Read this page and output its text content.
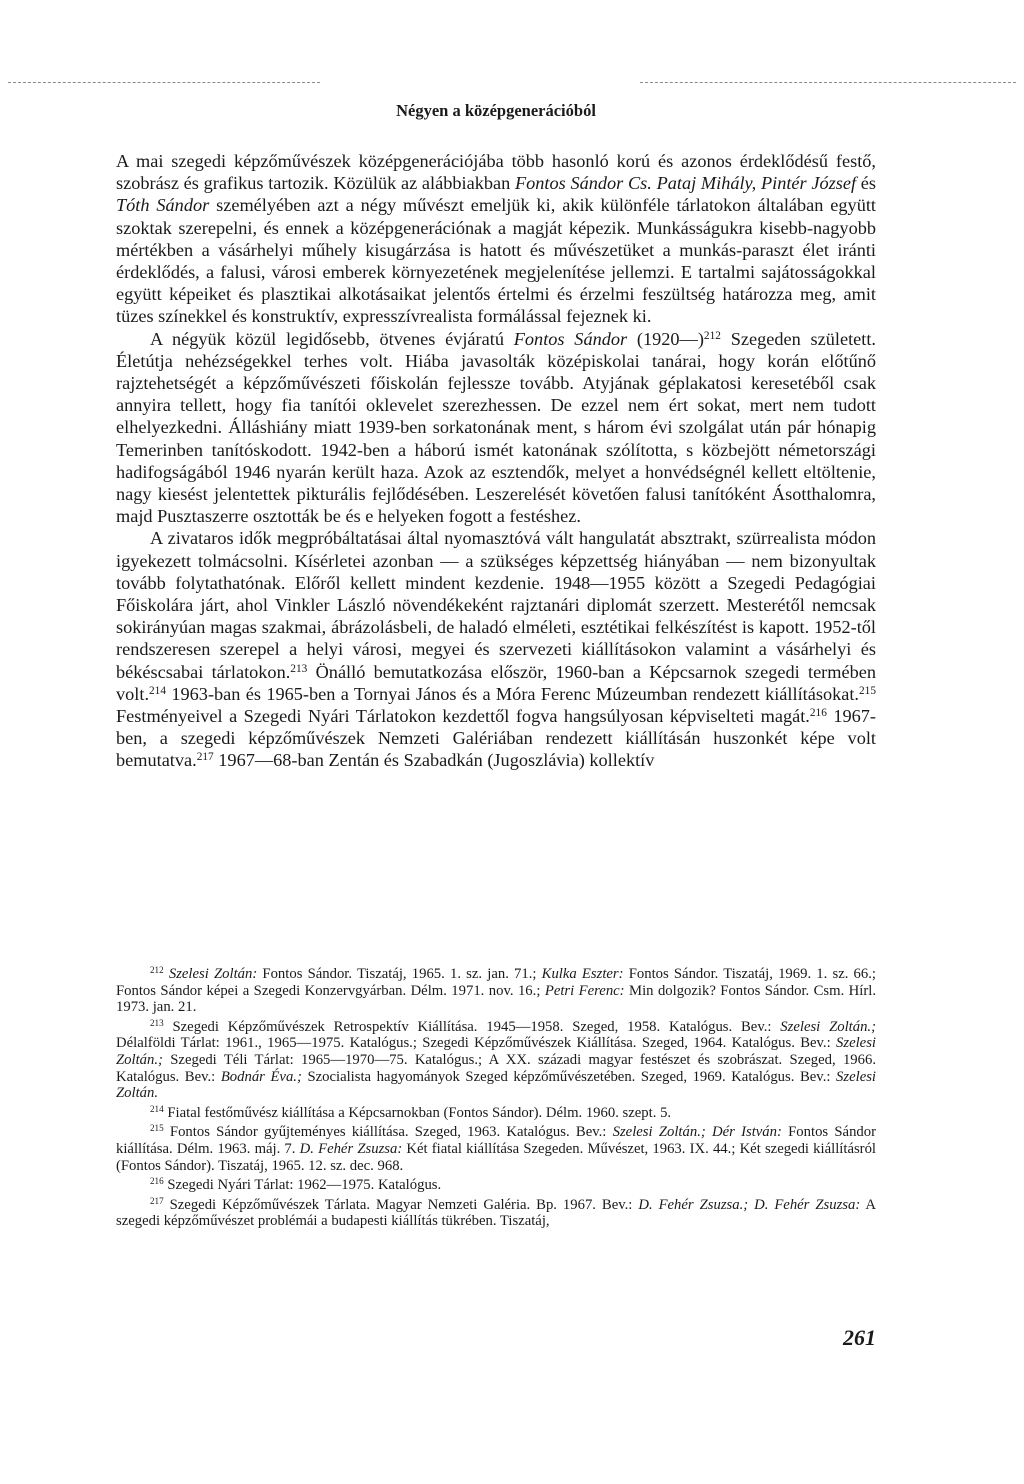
Négyen a középgenerációból

A mai szegedi képzőművészek középgenerációjába több hasonló korú és azonos érdeklődésű festő, szobrász és grafikus tartozik. Közülük az alábbiakban Fontos Sándor Cs. Pataj Mihály, Pintér József és Tóth Sándor személyében azt a négy művészt emeljük ki, akik különféle tárlatokon általában együtt szoktak szerepelni, és ennek a középgenerációnak a magját képezik. Munkásságukra kisebb-nagyobb mértékben a vásárhelyi műhely kisugárzása is hatott és művészetüket a munkás-paraszt élet iránti érdeklődés, a falusi, városi emberek környezetének megjelenítése jellemzi. E tartalmi sajátosságokkal együtt képeiket és plasztikai alkotásaikat jelentős értelmi és érzelmi feszültség határozza meg, amit tüzes színekkel és konstruktív, expresszívrealista formálással fejeznek ki.

A négyük közül legidősebb, ötvenes évjáratú Fontos Sándor (1920—)$^{212}$ Szegeden született. Életútja nehézségekkel terhes volt. Hiába javasolták középiskolai tanárai, hogy korán előtűnő rajztehetségét a képzőművészeti főiskolán fejlessze tovább. Atyjának géplakatosi keresetéből csak annyira tellett, hogy fia tanítói oklevelet szerezhessen. De ezzel nem ért sokat, mert nem tudott elhelyezkedni. Álláshiány miatt 1939-ben sorkatonának ment, s három évi szolgálat után pár hónapig Temerinben tanítóskodott. 1942-ben a háború ismét katonának szólította, s közbejött németországi hadifogságából 1946 nyarán került haza. Azok az esztendők, melyet a honvédségnél kellett eltöltenie, nagy kiesést jelentettek pikturális fejlődésében. Leszerelését követően falusi tanítóként Ásotthalomra, majd Pusztaszerre osztották be és e helyeken fogott a festéshez.

A zivataros idők megpróbáltatásai által nyomasztóvá vált hangulatát absztrakt, szürrealista módon igyekezett tolmácsolni. Kísérletei azonban — a szükséges képzettség hiányában — nem bizonyultak tovább folytathatónak. Előről kellett mindent kezdenie. 1948—1955 között a Szegedi Pedagógiai Főiskolára járt, ahol Vinkler László növendékeként rajztanári diplomát szerzett. Mesterétől nemcsak sokirányúan magas szakmai, ábrázolásbeli, de haladó elméleti, esztétikai felkészítést is kapott. 1952-től rendszeresen szerepel a helyi városi, megyei és szervezeti kiállításokon valamint a vásárhelyi és békéscsabai tárlatokon.$^{213}$ Önálló bemutatkozása először, 1960-ban a Képcsarnok szegedi termében volt.$^{214}$ 1963-ban és 1965-ben a Tornyai János és a Móra Ferenc Múzeumban rendezett kiállításokat.$^{215}$ Festményeivel a Szegedi Nyári Tárlatokon kezdettől fogva hangsúlyosan képviselteti magát.$^{216}$ 1967-ben, a szegedi képzőművészek Nemzeti Galériában rendezett kiállításán huszonkét képe volt bemutatva.$^{217}$ 1967—68-ban Zentán és Szabadkán (Jugoszlávia) kollektív

$^{212}$ Szelesi Zoltán: Fontos Sándor. Tiszatáj, 1965. 1. sz. jan. 71.; Kulka Eszter: Fontos Sándor. Tiszatáj, 1969. 1. sz. 66.; Fontos Sándor képei a Szegedi Konzervgyárban. Délm. 1971. nov. 16.; Petri Ferenc: Min dolgozik? Fontos Sándor. Csm. Hírl. 1973. jan. 21.

$^{213}$ Szegedi Képzőművészek Retrospektív Kiállítása. 1945—1958. Szeged, 1958. Katalógus. Bev.: Szelesi Zoltán.; Délalföldi Tárlat: 1961., 1965—1975. Katalógus.; Szegedi Képzőművészek Kiállítása. Szeged, 1964. Katalógus. Bev.: Szelesi Zoltán.; Szegedi Téli Tárlat: 1965—1970—75. Katalógus.; A XX. századi magyar festészet és szobrászat. Szeged, 1966. Katalógus. Bev.: Bodnár Éva.; Szocialista hagyományok Szeged képzőművészetében. Szeged, 1969. Katalógus. Bev.: Szelesi Zoltán.

$^{214}$ Fiatal festőművész kiállítása a Képcsarnokban (Fontos Sándor). Délm. 1960. szept. 5.

$^{215}$ Fontos Sándor gyűjteményes kiállítása. Szeged, 1963. Katalógus. Bev.: Szelesi Zoltán.; Dér István: Fontos Sándor kiállítása. Délm. 1963. máj. 7. D. Fehér Zsuzsa: Két fiatal kiállítása Szegeden. Művészet, 1963. IX. 44.; Két szegedi kiállításról (Fontos Sándor). Tiszatáj, 1965. 12. sz. dec. 968.

$^{216}$ Szegedi Nyári Tárlat: 1962—1975. Katalógus.

$^{217}$ Szegedi Képzőművészek Tárlata. Magyar Nemzeti Galéria. Bp. 1967. Bev.: D. Fehér Zsuzsa.; D. Fehér Zsuzsa: A szegedi képzőművészet problémái a budapesti kiállítás tükrében. Tiszatáj,

261
